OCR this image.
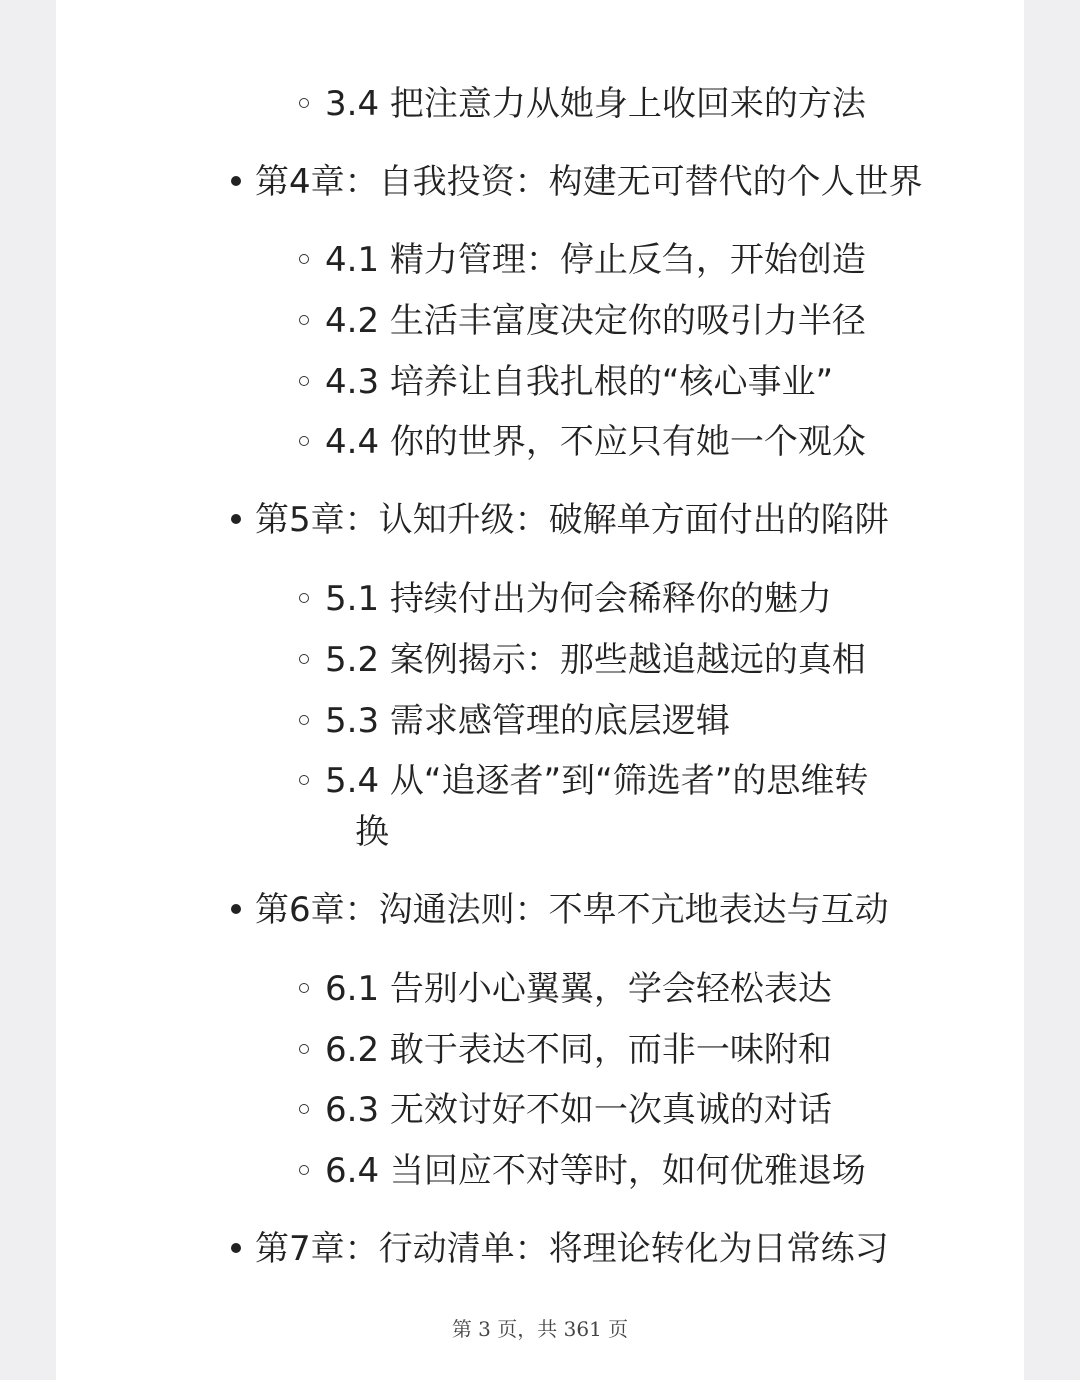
3.4 把注意力从她身上收回来的方法
第4章：自我投资：构建无可替代的个人世界
4.1 精力管理：停止反刍，开始创造
4.2 生活丰富度决定你的吸引力半径
4.3 培养让自我扎根的“核心事业”
4.4 你的世界，不应只有她一个观众
第5章：认知升级：破解单方面付出的陷阱
5.1 持续付出为何会稀释你的魅力
5.2 案例揭示：那些越追越远的真相
5.3 需求感管理的底层逻辑
5.4 从“追逐者”到“筛选者”的思维转
换
第6章：沟通法则：不卑不亢地表达与互动
6.1 告别小心翼翼，学会轻松表达
6.2 敢于表达不同，而非一味附和
6.3 无效讨好不如一次真诚的对话
6.4 当回应不对等时，如何优雅退场
第7章：行动清单：将理论转化为日常练习
第 3 页，共 361 页
